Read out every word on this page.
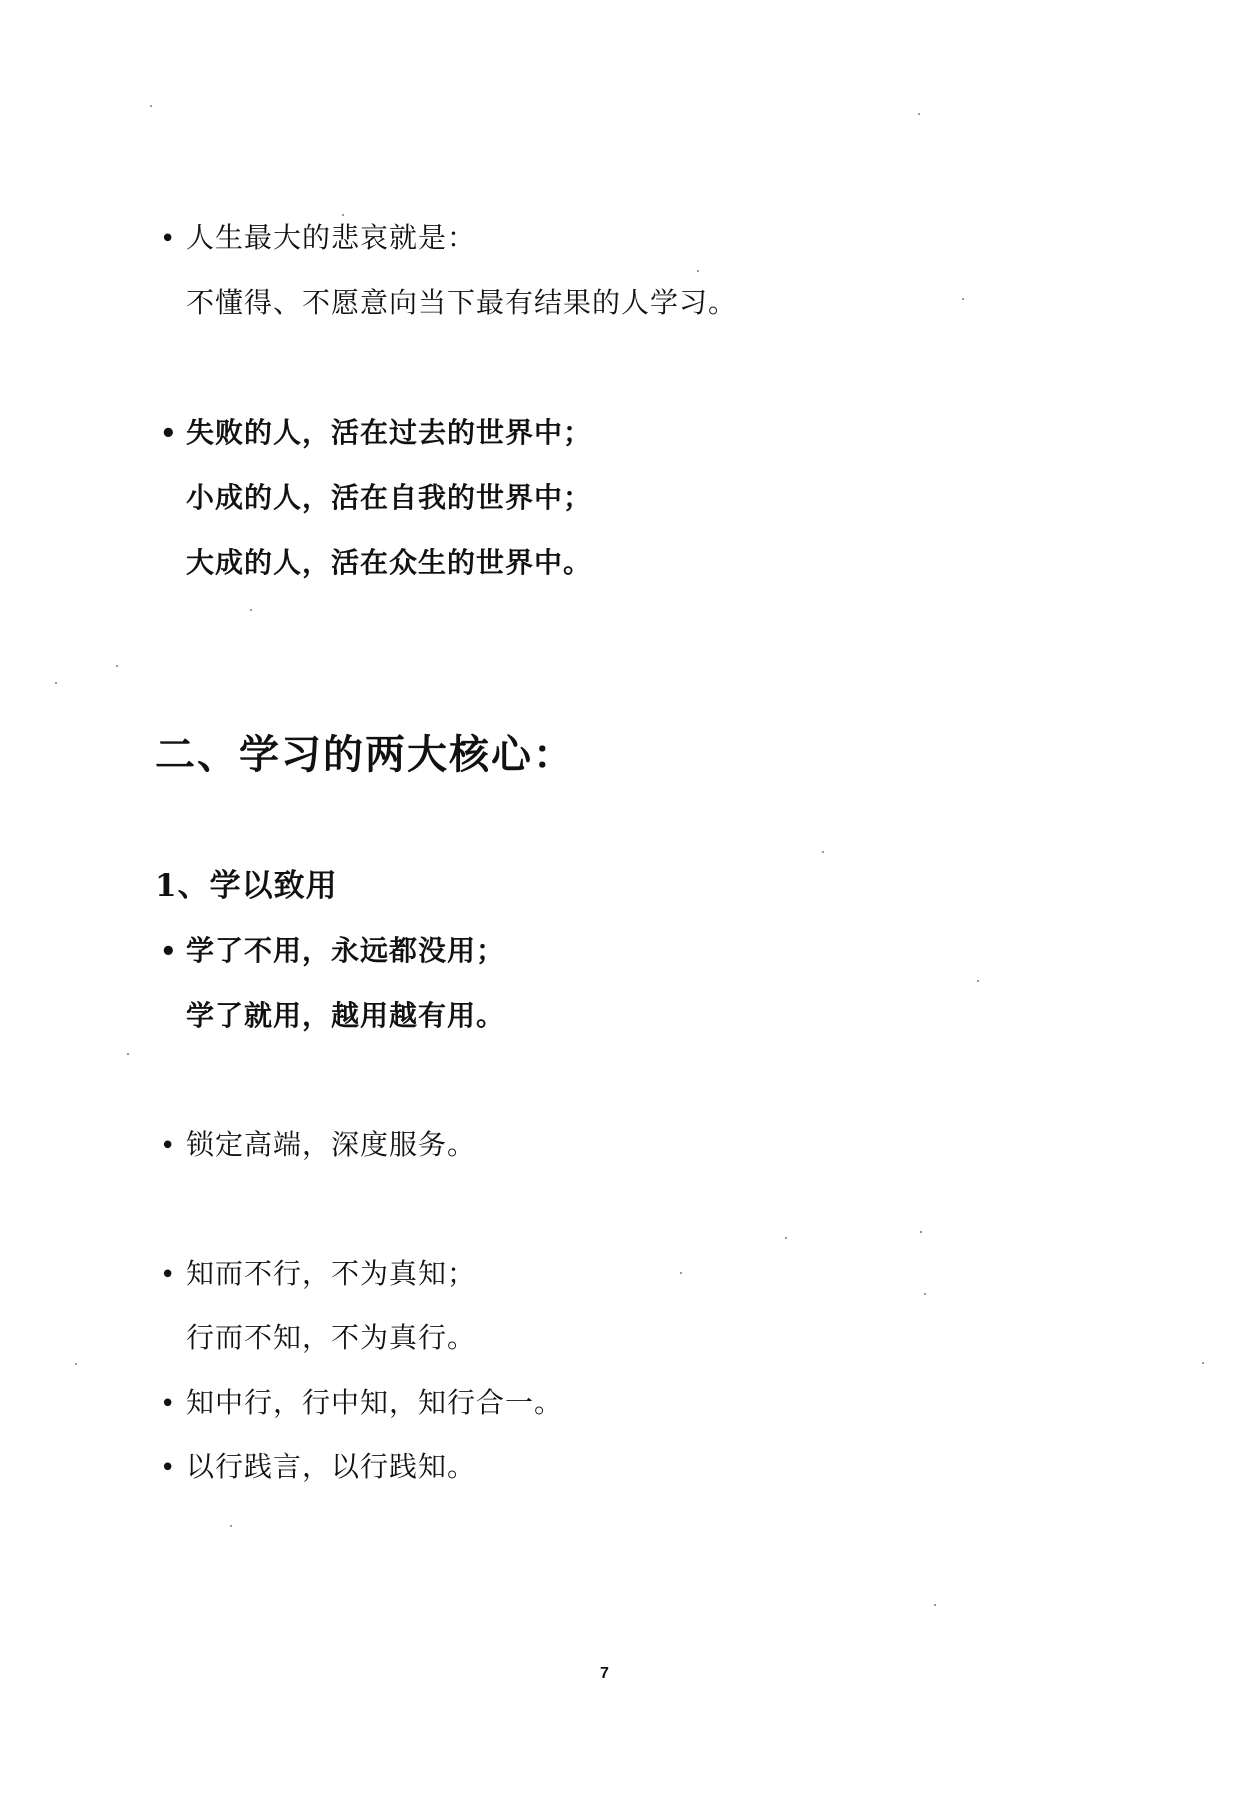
• 人生最大的悲哀就是：
不懂得、不愿意向当下最有结果的人学习。
• 失败的人，活在过去的世界中；
小成的人，活在自我的世界中；
大成的人，活在众生的世界中。
二、学习的两大核心：
1、学以致用
• 学了不用，永远都没用；
学了就用，越用越有用。
• 锁定高端，深度服务。
• 知而不行，不为真知；
行而不知，不为真行。
• 知中行，行中知，知行合一。
• 以行践言，以行践知。
7
